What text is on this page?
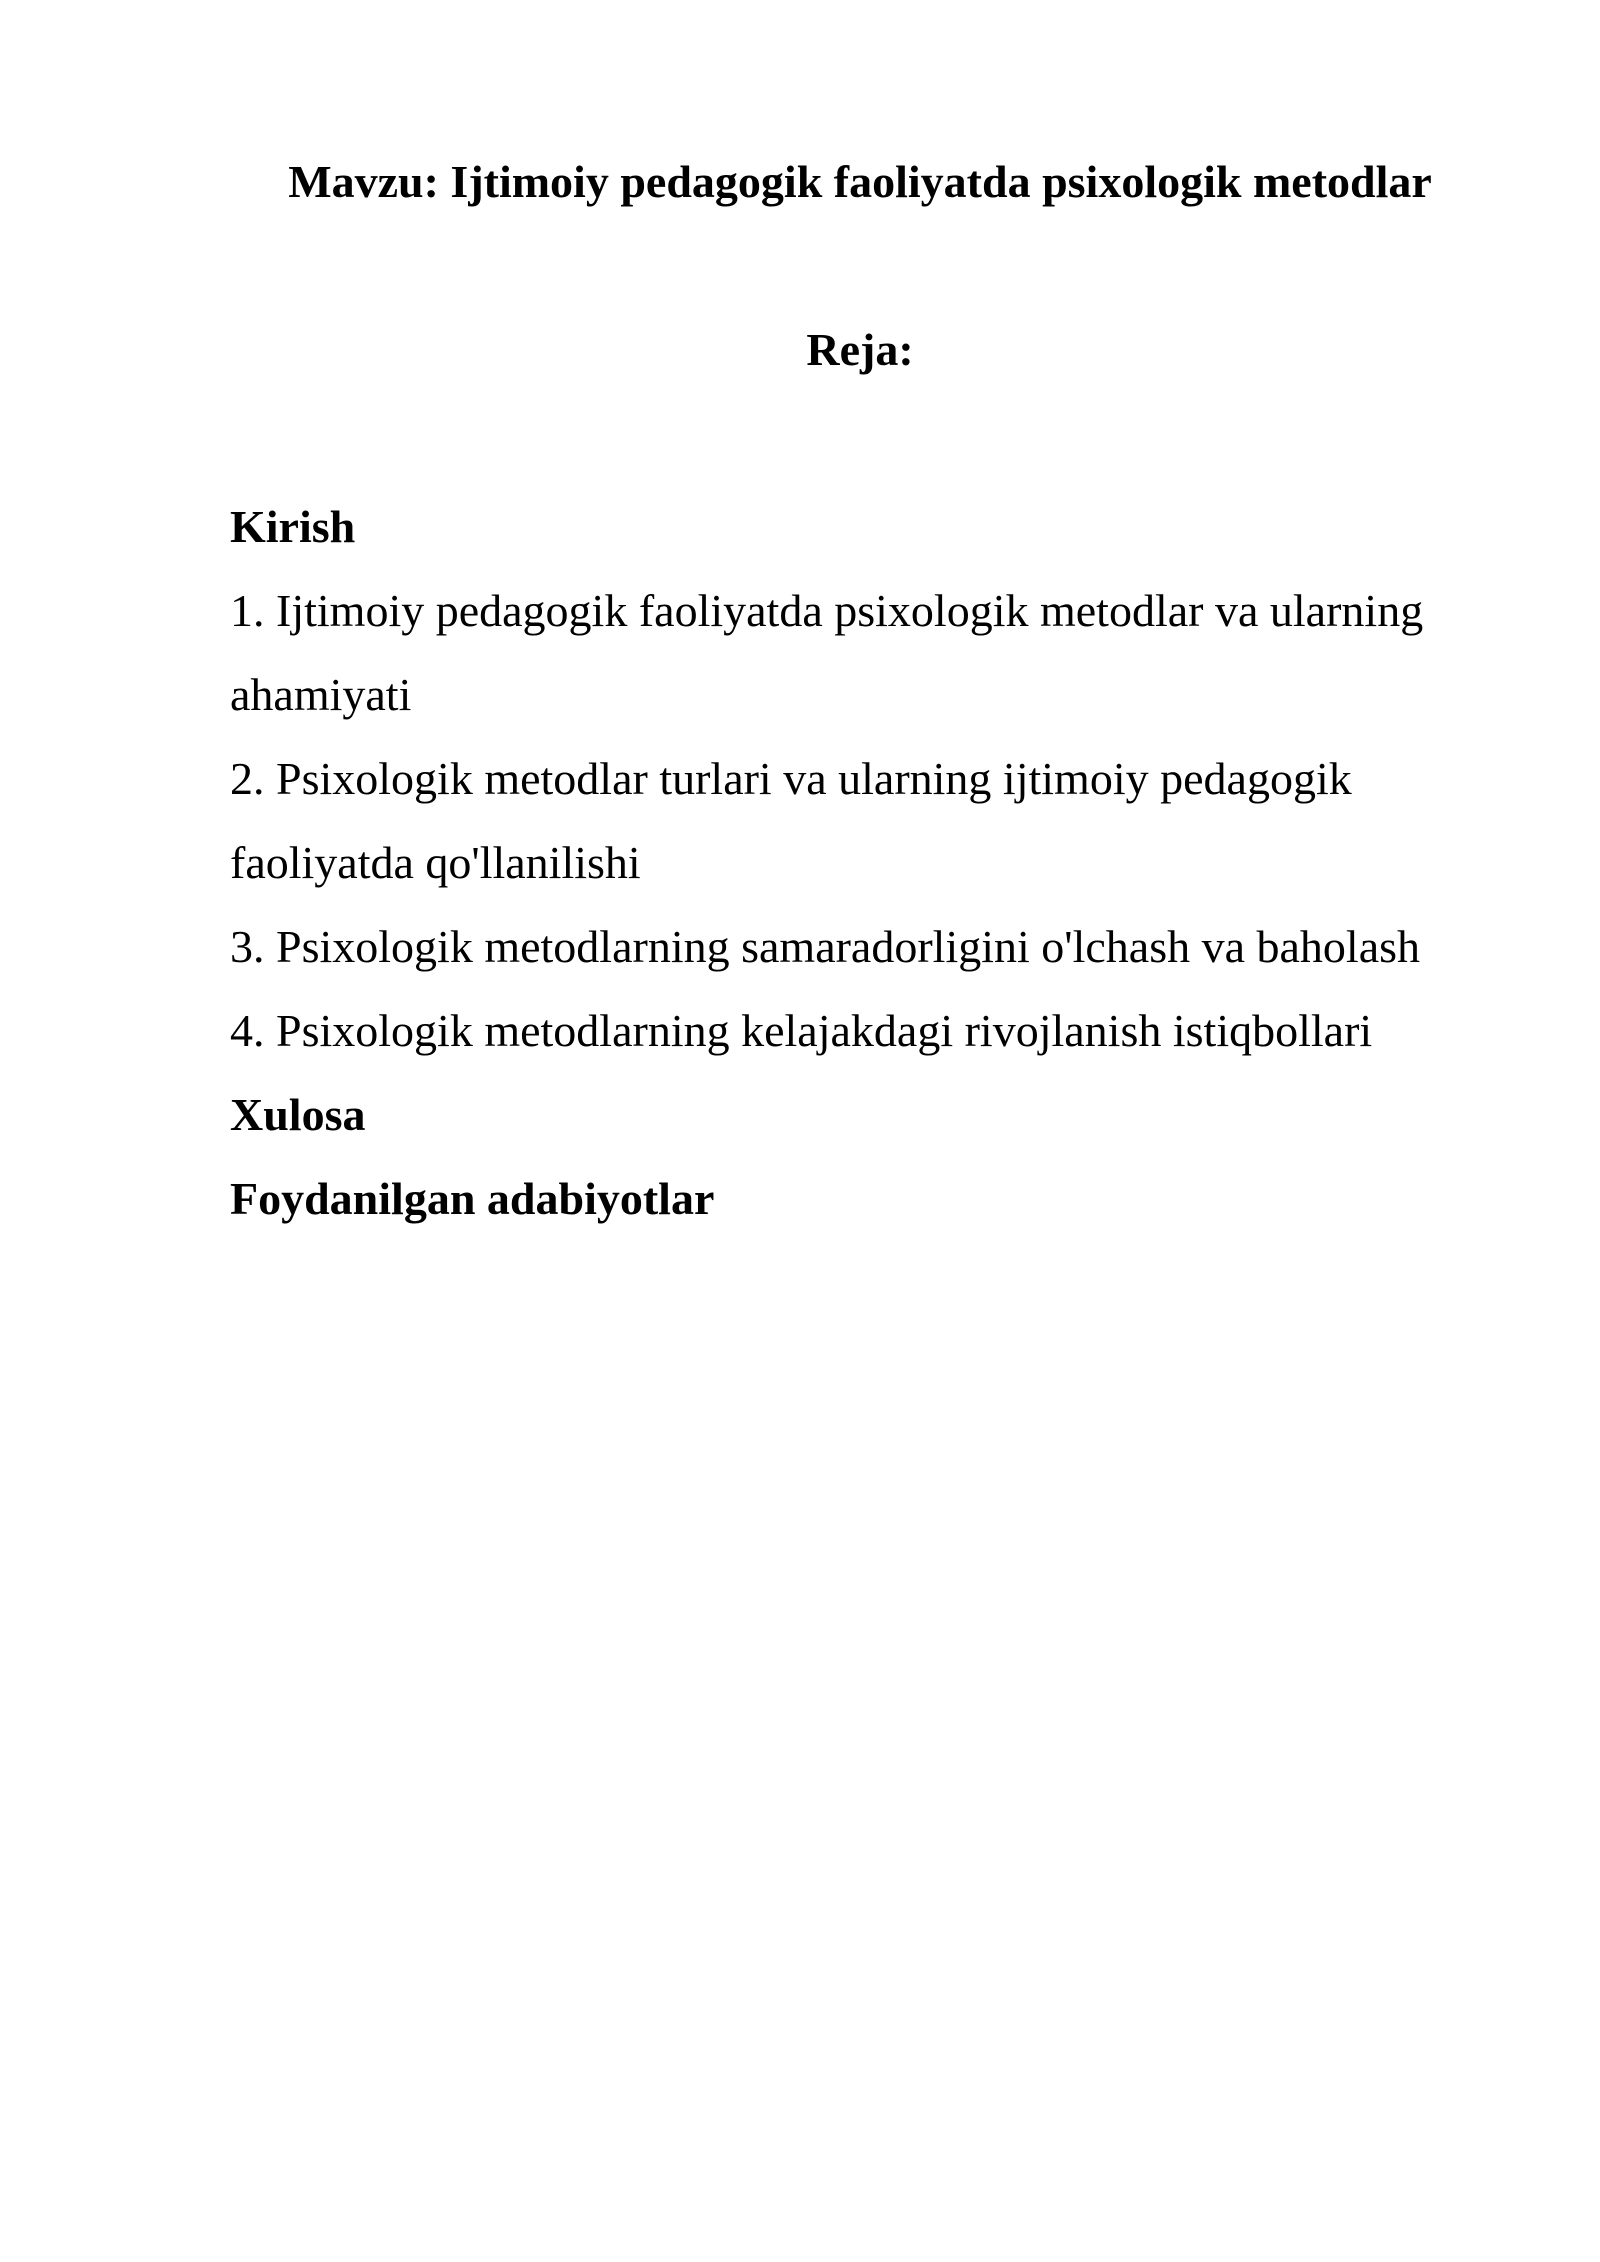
Mavzu: Ijtimoiy pedagogik faoliyatda psixologik metodlar
Reja:
Kirish
1. Ijtimoiy pedagogik faoliyatda psixologik metodlar va ularning ahamiyati
2. Psixologik metodlar turlari va ularning ijtimoiy pedagogik faoliyatda qo'llanilishi
3. Psixologik metodlarning samaradorligini o'lchash va baholash
4. Psixologik metodlarning kelajakdagi rivojlanish istiqbollari
Xulosa
Foydanilgan adabiyotlar
